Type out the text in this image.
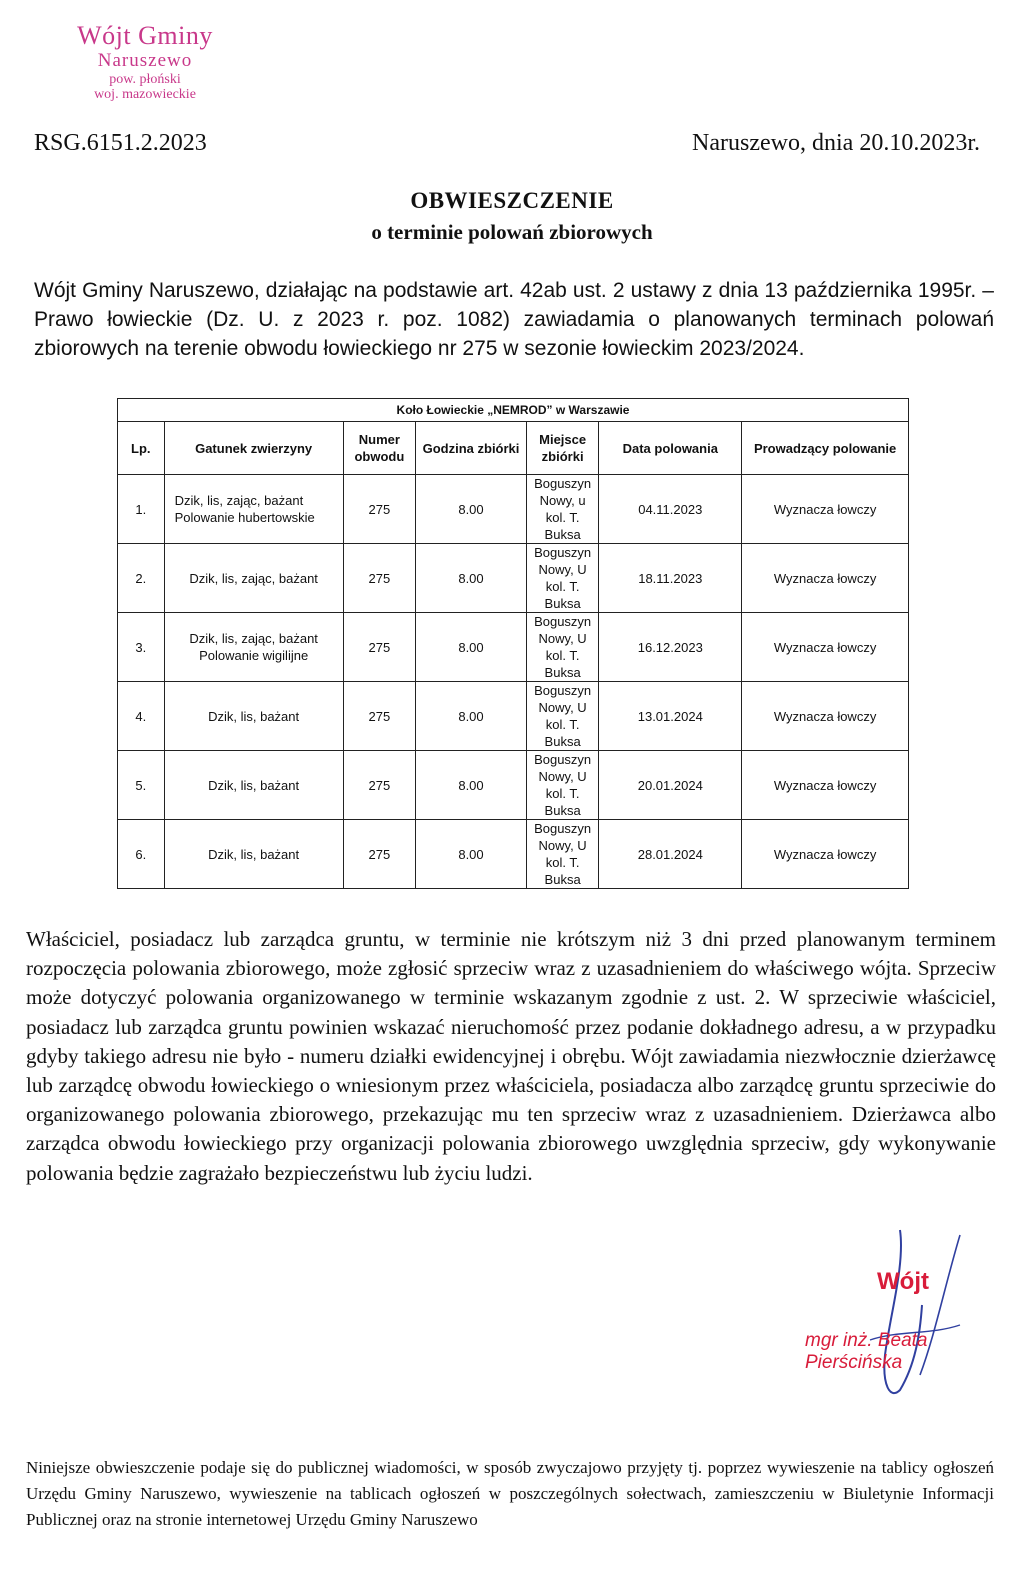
Wójt Gminy
Naruszewo
pow. płoński
woj. mazowieckie
RSG.6151.2.2023	Naruszewo, dnia 20.10.2023r.
OBWIESZCZENIE
o terminie polowań zbiorowych
Wójt Gminy Naruszewo, działając na podstawie art. 42ab ust. 2 ustawy z dnia 13 października 1995r. – Prawo łowieckie (Dz. U. z 2023 r. poz. 1082) zawiadamia o planowanych terminach polowań zbiorowych na terenie obwodu łowieckiego nr 275 w sezonie łowieckim 2023/2024.
Koło Łowieckie „NEMROD” w Warszawie						
Lp.	Gatunek zwierzyny	Numer obwodu	Godzina zbiórki	Miejsce zbiórki	Data polowania	Prowadzący polowanie
1.	Dzik, lis, zając, bażant Polowanie hubertowskie	275	8.00	Boguszyn Nowy, u kol. T. Buksa	04.11.2023	Wyznacza łowczy
2.	Dzik, lis, zając, bażant	275	8.00	Boguszyn Nowy, U kol. T. Buksa	18.11.2023	Wyznacza łowczy
3.	Dzik, lis, zając, bażant Polowanie wigilijne	275	8.00	Boguszyn Nowy, U kol. T. Buksa	16.12.2023	Wyznacza łowczy
4.	Dzik, lis, bażant	275	8.00	Boguszyn Nowy, U kol. T. Buksa	13.01.2024	Wyznacza łowczy
5.	Dzik, lis, bażant	275	8.00	Boguszyn Nowy, U kol. T. Buksa	20.01.2024	Wyznacza łowczy
6.	Dzik, lis, bażant	275	8.00	Boguszyn Nowy, U kol. T. Buksa	28.01.2024	Wyznacza łowczy
Właściciel, posiadacz lub zarządca gruntu, w terminie nie krótszym niż 3 dni przed planowanym terminem rozpoczęcia polowania zbiorowego, może zgłosić sprzeciw wraz z uzasadnieniem do właściwego wójta. Sprzeciw może dotyczyć polowania organizowanego w terminie wskazanym zgodnie z ust. 2. W sprzeciwie właściciel, posiadacz lub zarządca gruntu powinien wskazać nieruchomość przez podanie dokładnego adresu, a w przypadku gdyby takiego adresu nie było - numeru działki ewidencyjnej i obrębu. Wójt zawiadamia niezwłocznie dzierżawcę lub zarządcę obwodu łowieckiego o wniesionym przez właściciela, posiadacza albo zarządcę gruntu sprzeciwie do organizowanego polowania zbiorowego, przekazując mu ten sprzeciw wraz z uzasadnieniem. Dzierżawca albo zarządca obwodu łowieckiego przy organizacji polowania zbiorowego uwzględnia sprzeciw, gdy wykonywanie polowania będzie zagrażało bezpieczeństwu lub życiu ludzi.
Wójt
mgr inż. Beata Pierścińska
Niniejsze obwieszczenie podaje się do publicznej wiadomości, w sposób zwyczajowo przyjęty tj. poprzez wywieszenie na tablicy ogłoszeń Urzędu Gminy Naruszewo, wywieszenie na tablicach ogłoszeń w poszczególnych sołectwach, zamieszczeniu w Biuletynie Informacji Publicznej oraz na stronie internetowej Urzędu Gminy Naruszewo
